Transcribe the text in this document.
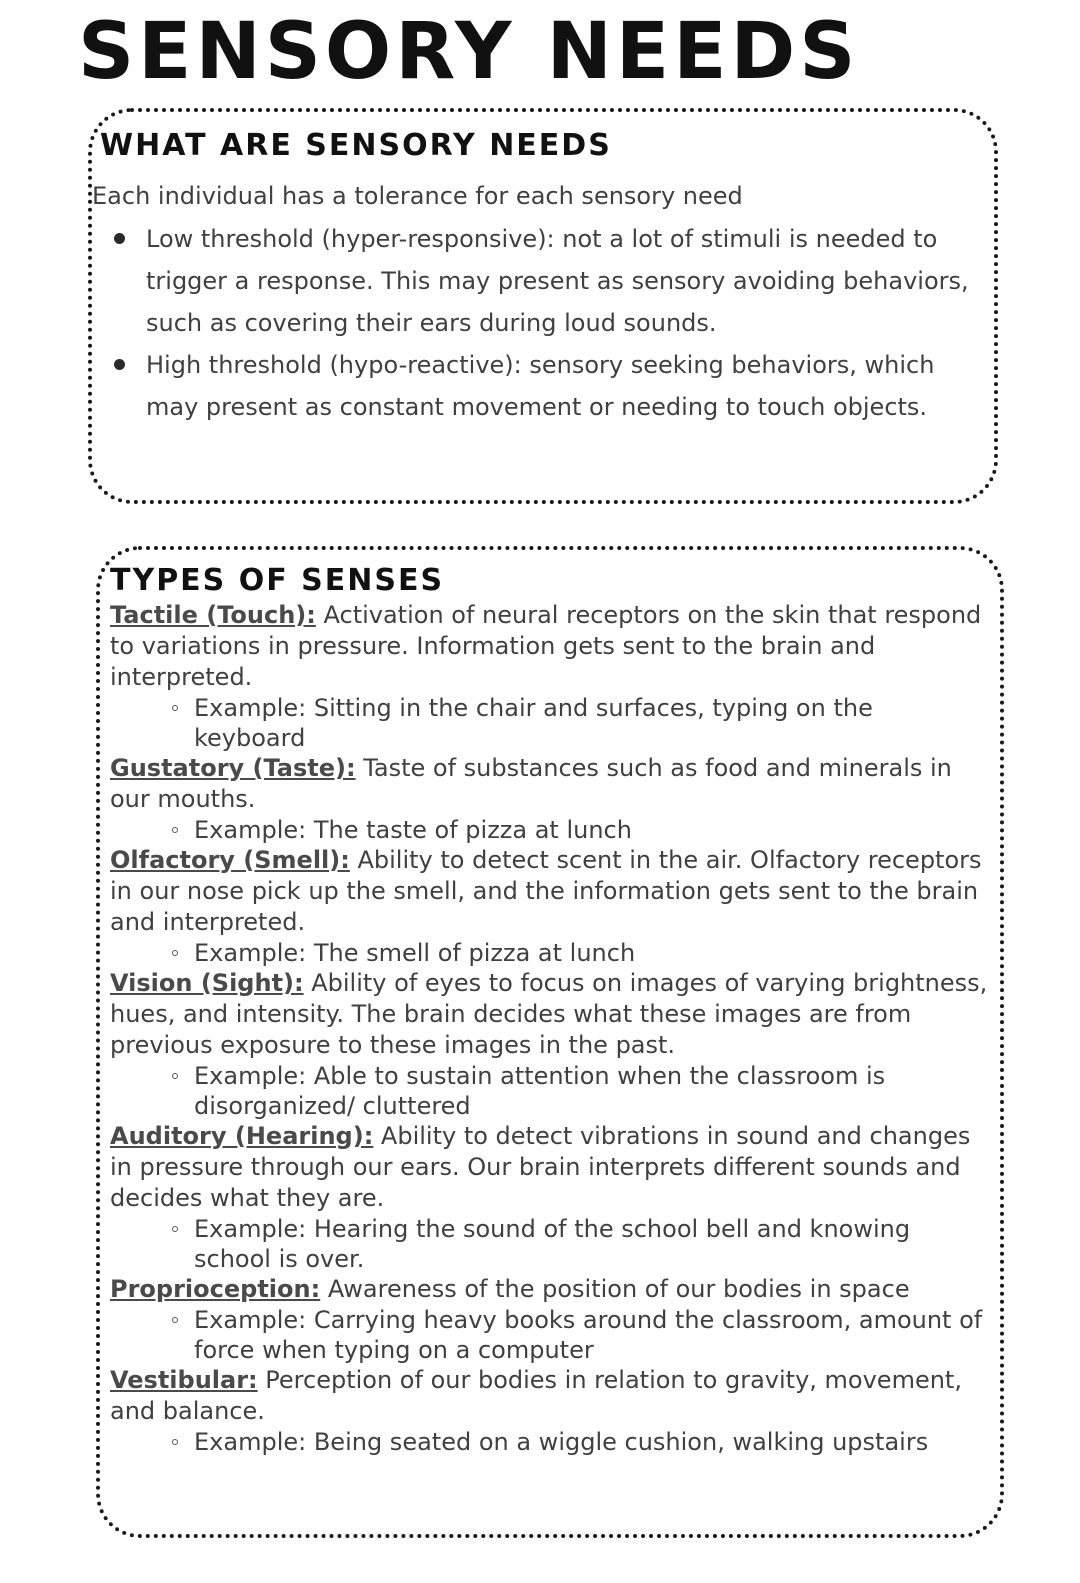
SENSORY NEEDS
WHAT ARE SENSORY NEEDS
Each individual has a tolerance for each sensory need
Low threshold (hyper-responsive): not a lot of stimuli is needed to trigger a response. This may present as sensory avoiding behaviors, such as covering their ears during loud sounds.
High threshold (hypo-reactive): sensory seeking behaviors, which may present as constant movement or needing to touch objects.
TYPES OF SENSES
Tactile (Touch): Activation of neural receptors on the skin that respond to variations in pressure. Information gets sent to the brain and interpreted.
Example: Sitting in the chair and surfaces, typing on the keyboard
Gustatory (Taste): Taste of substances such as food and minerals in our mouths.
Example: The taste of pizza at lunch
Olfactory (Smell): Ability to detect scent in the air. Olfactory receptors in our nose pick up the smell, and the information gets sent to the brain and interpreted.
Example: The smell of pizza at lunch
Vision (Sight): Ability of eyes to focus on images of varying brightness, hues, and intensity. The brain decides what these images are from previous exposure to these images in the past.
Example: Able to sustain attention when the classroom is disorganized/ cluttered
Auditory (Hearing): Ability to detect vibrations in sound and changes in pressure through our ears. Our brain interprets different sounds and decides what they are.
Example: Hearing the sound of the school bell and knowing school is over.
Proprioception: Awareness of the position of our bodies in space
Example: Carrying heavy books around the classroom, amount of force when typing on a computer
Vestibular: Perception of our bodies in relation to gravity, movement, and balance.
Example: Being seated on a wiggle cushion, walking upstairs
